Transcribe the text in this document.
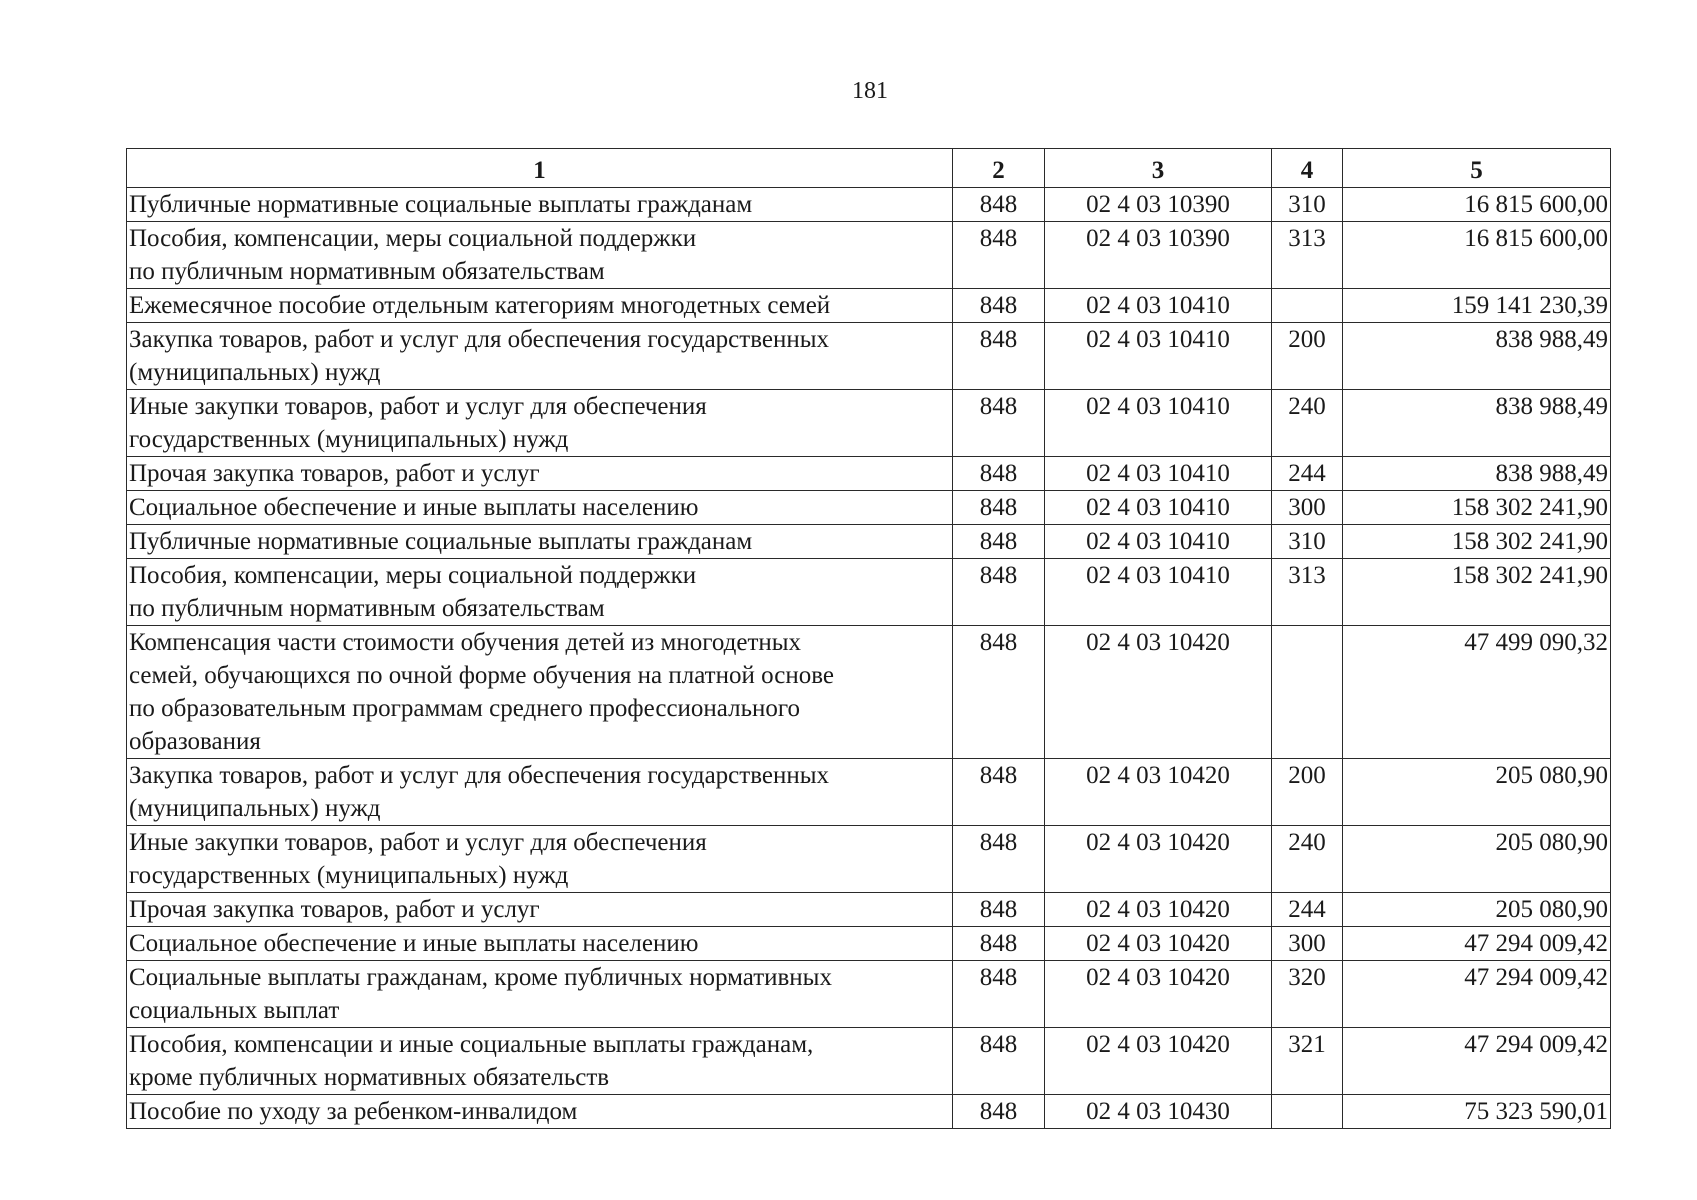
181
1	2	3	4	5

Публичные нормативные социальные выплаты гражданам	848	02 4 03 10390	310	16 815 600,00

Пособия, компенсации, меры социальной поддержки
по публичным нормативным обязательствам	848	02 4 03 10390	313	16 815 600,00

Ежемесячное пособие отдельным категориям многодетных семей	848	02 4 03 10410		159 141 230,39

Закупка товаров, работ и услуг для обеспечения государственных
(муниципальных) нужд	848	02 4 03 10410	200	838 988,49

Иные закупки товаров, работ и услуг для обеспечения
государственных (муниципальных) нужд	848	02 4 03 10410	240	838 988,49

Прочая закупка товаров, работ и услуг	848	02 4 03 10410	244	838 988,49

Социальное обеспечение и иные выплаты населению	848	02 4 03 10410	300	158 302 241,90

Публичные нормативные социальные выплаты гражданам	848	02 4 03 10410	310	158 302 241,90

Пособия, компенсации, меры социальной поддержки
по публичным нормативным обязательствам	848	02 4 03 10410	313	158 302 241,90

Компенсация части стоимости обучения детей из многодетных
семей, обучающихся по очной форме обучения на платной основе
по образовательным программам среднего профессионального
образования	848	02 4 03 10420		47 499 090,32

Закупка товаров, работ и услуг для обеспечения государственных
(муниципальных) нужд	848	02 4 03 10420	200	205 080,90

Иные закупки товаров, работ и услуг для обеспечения
государственных (муниципальных) нужд	848	02 4 03 10420	240	205 080,90

Прочая закупка товаров, работ и услуг	848	02 4 03 10420	244	205 080,90

Социальное обеспечение и иные выплаты населению	848	02 4 03 10420	300	47 294 009,42

Социальные выплаты гражданам, кроме публичных нормативных
социальных выплат	848	02 4 03 10420	320	47 294 009,42

Пособия, компенсации и иные социальные выплаты гражданам,
кроме публичных нормативных обязательств	848	02 4 03 10420	321	47 294 009,42

Пособие по уходу за ребенком-инвалидом	848	02 4 03 10430		75 323 590,01
